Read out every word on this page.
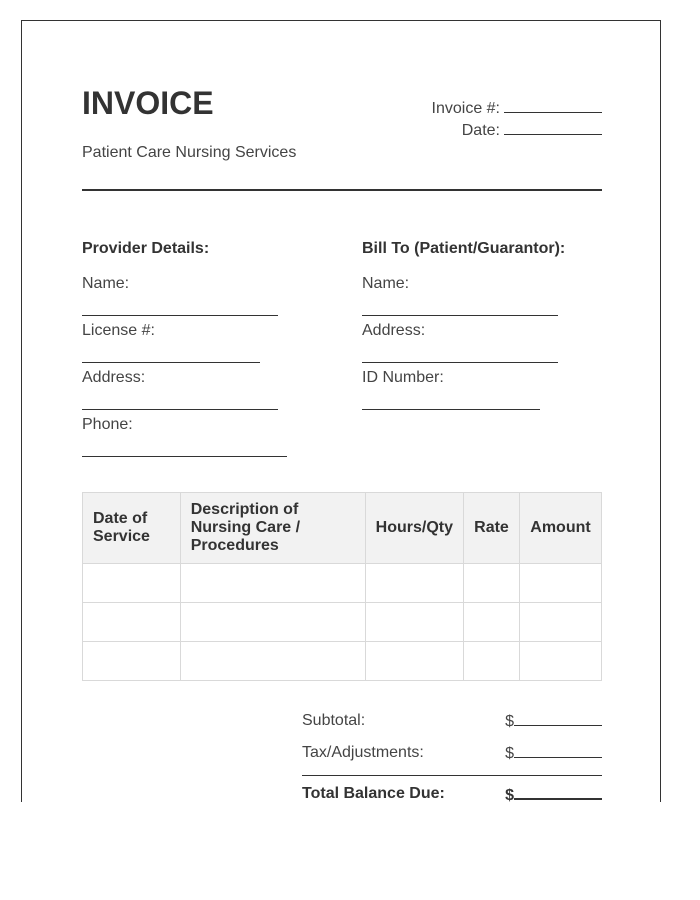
INVOICE
Patient Care Nursing Services
Invoice #:
Date:
Provider Details:
Name:
License #:
Address:
Phone:
Bill To (Patient/Guarantor):
Name:
Address:
ID Number:
Date of Service	Description of Nursing Care / Procedures	Hours/Qty	Rate	Amount

Subtotal:	$
Tax/Adjustments:	$
Total Balance Due:	$
